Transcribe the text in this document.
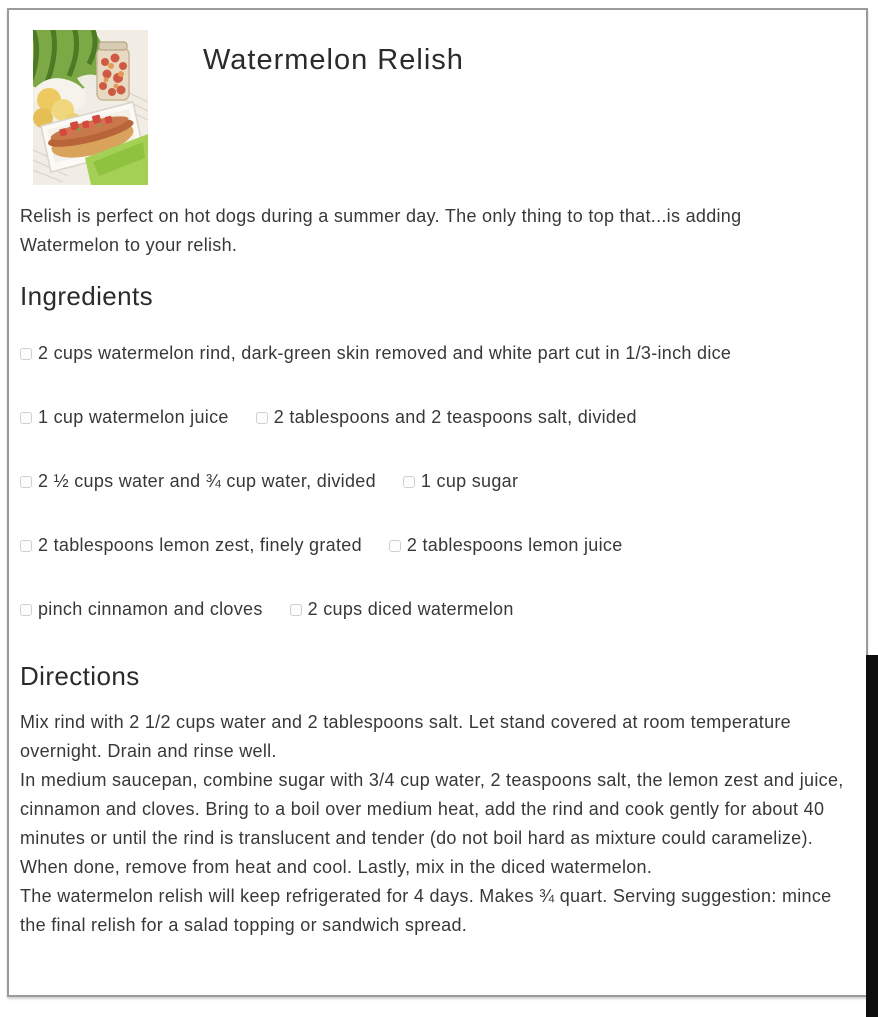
Watermelon Relish
Relish is perfect on hot dogs during a summer day. The only thing to top that...is adding Watermelon to your relish.
Ingredients
2 cups watermelon rind, dark-green skin removed and white part cut in 1/3-inch dice
1 cup watermelon juice	2 tablespoons and 2 teaspoons salt, divided
2 ½ cups water and ¾ cup water, divided	1 cup sugar
2 tablespoons lemon zest, finely grated	2 tablespoons lemon juice
pinch cinnamon and cloves	2 cups diced watermelon
Directions

Mix rind with 2 1/2 cups water and 2 tablespoons salt. Let stand covered at room temperature overnight. Drain and rinse well.

In medium saucepan, combine sugar with 3/4 cup water, 2 teaspoons salt, the lemon zest and juice, cinnamon and cloves. Bring to a boil over medium heat, add the rind and cook gently for about 40 minutes or until the rind is translucent and tender (do not boil hard as mixture could caramelize). When done, remove from heat and cool. Lastly, mix in the diced watermelon.

The watermelon relish will keep refrigerated for 4 days. Makes ¾ quart. Serving suggestion: mince the final relish for a salad topping or sandwich spread.
